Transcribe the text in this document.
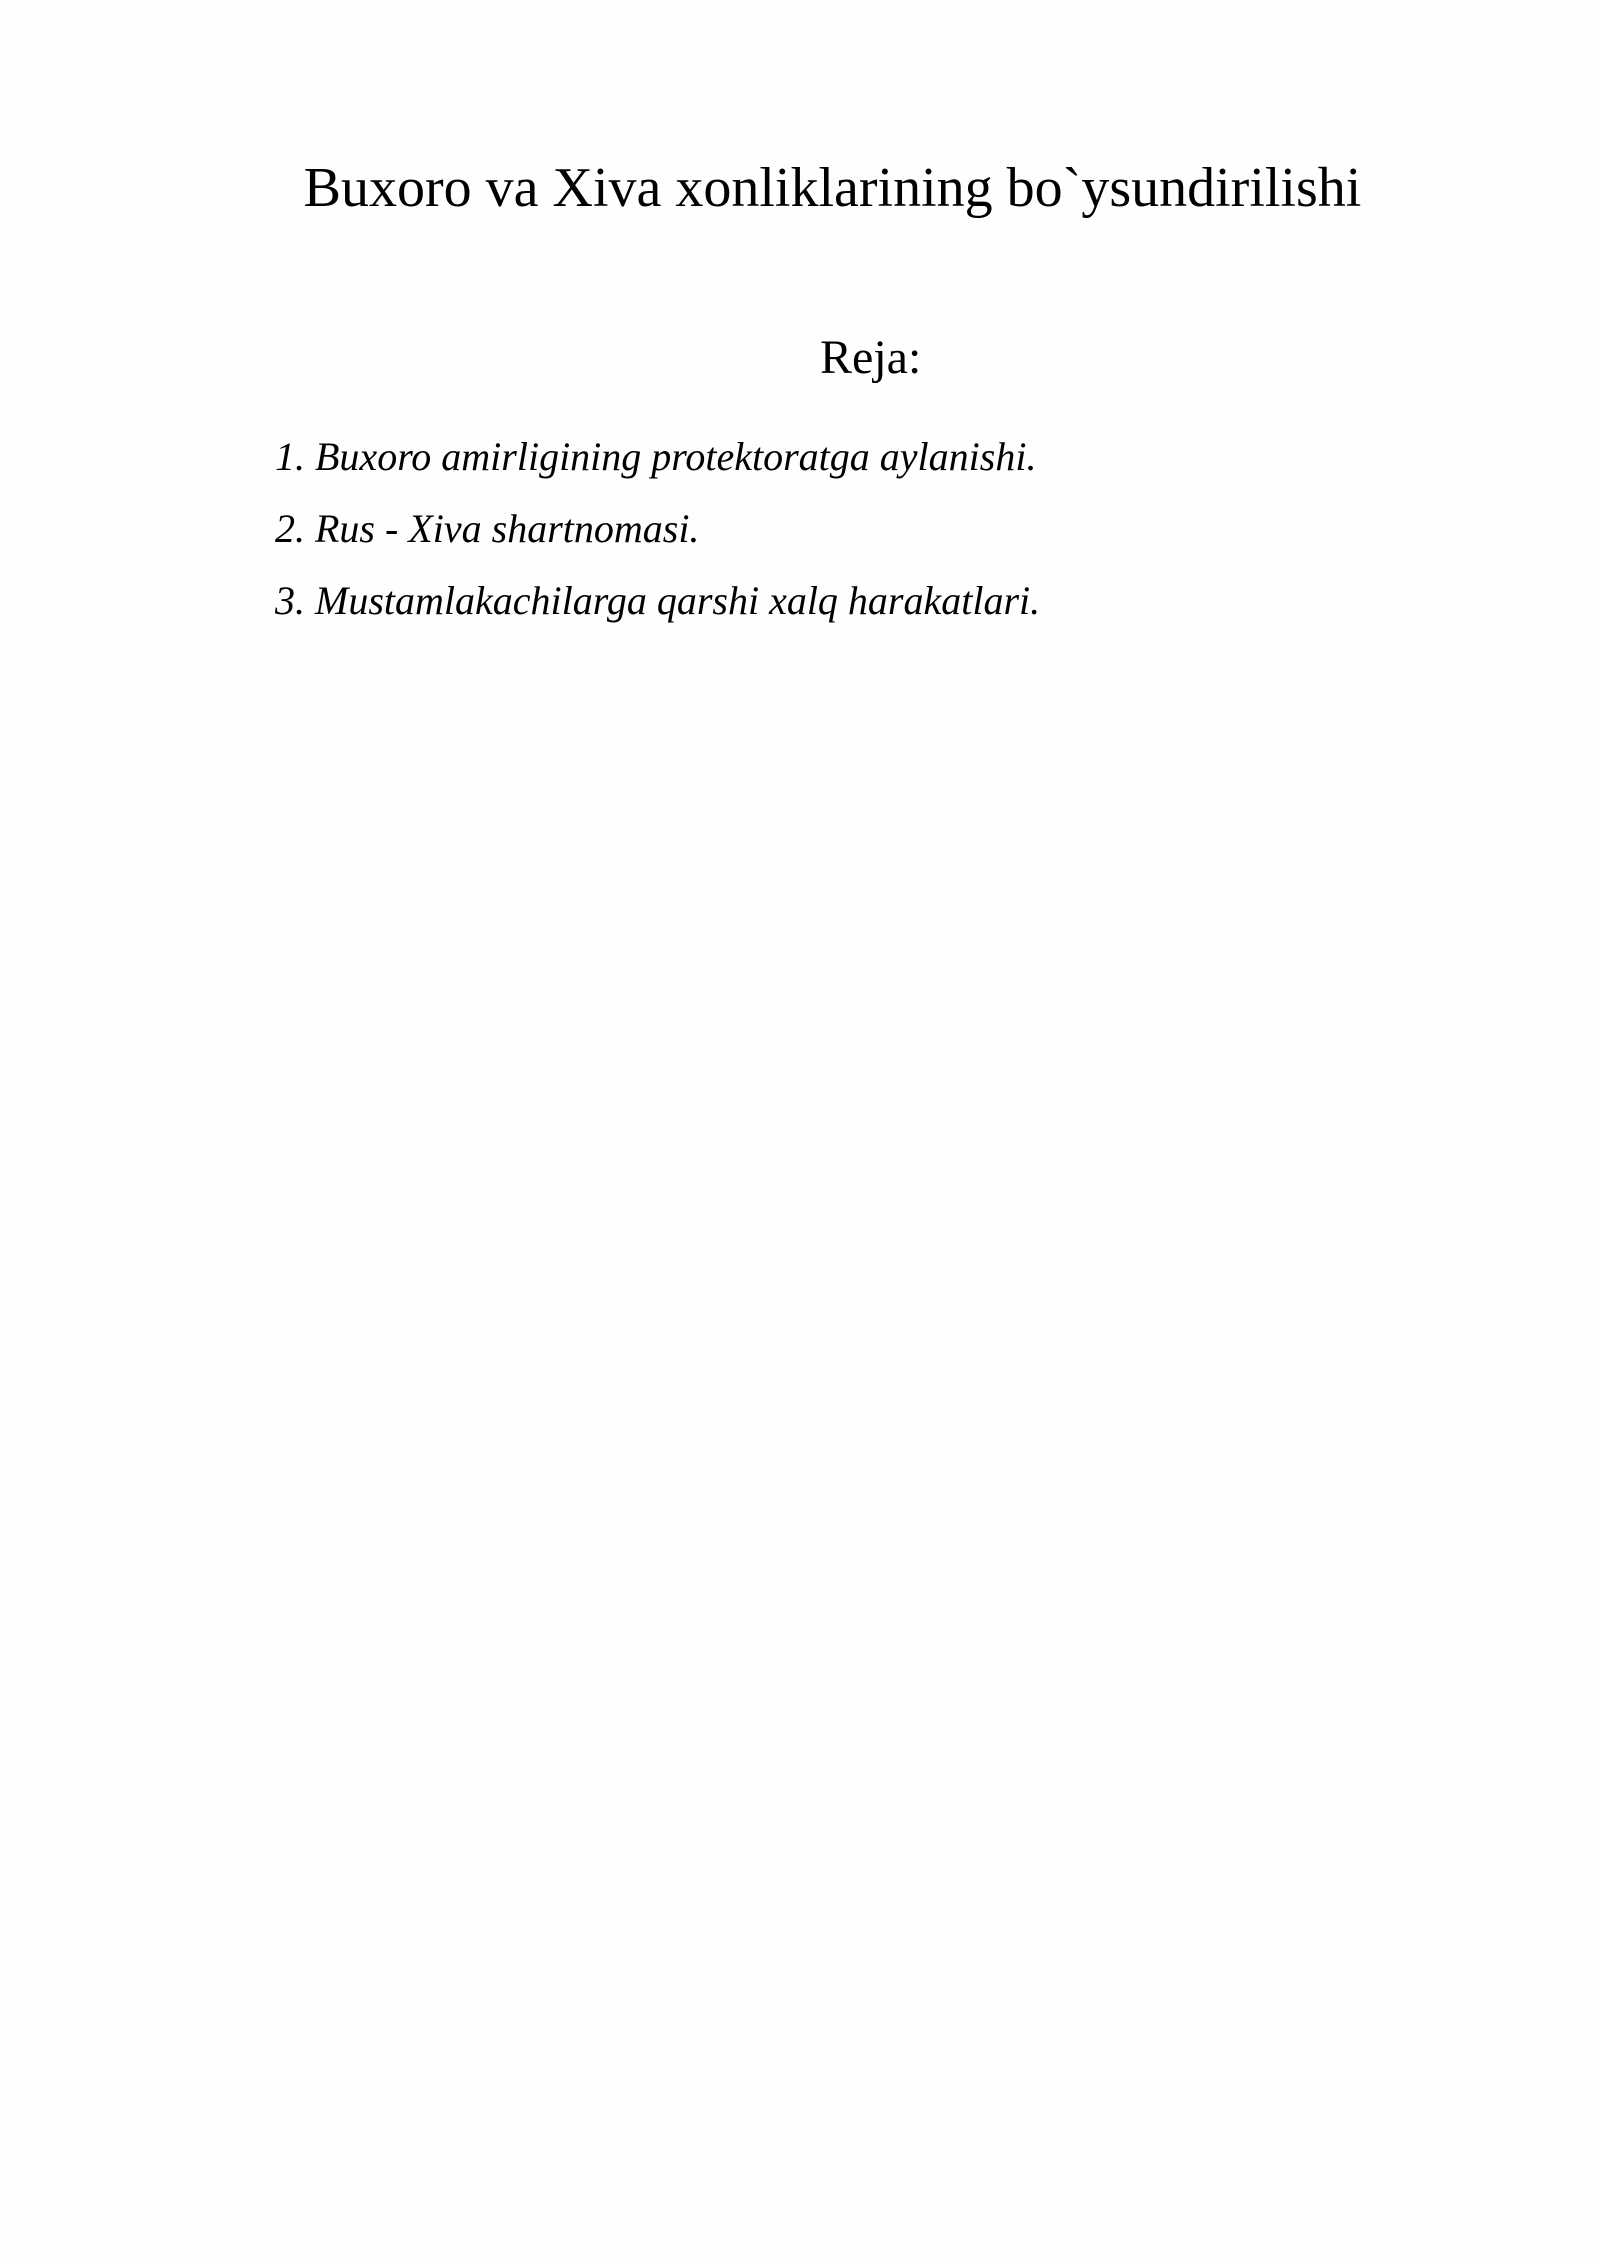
Buxoro va Xiva xonliklarining bo`ysundirilishi
Reja:
1. Buxoro amirligining protektoratga aylanishi.
2. Rus - Xiva shartnomasi.
3. Mustamlakachilarga qarshi xalq harakatlari.
